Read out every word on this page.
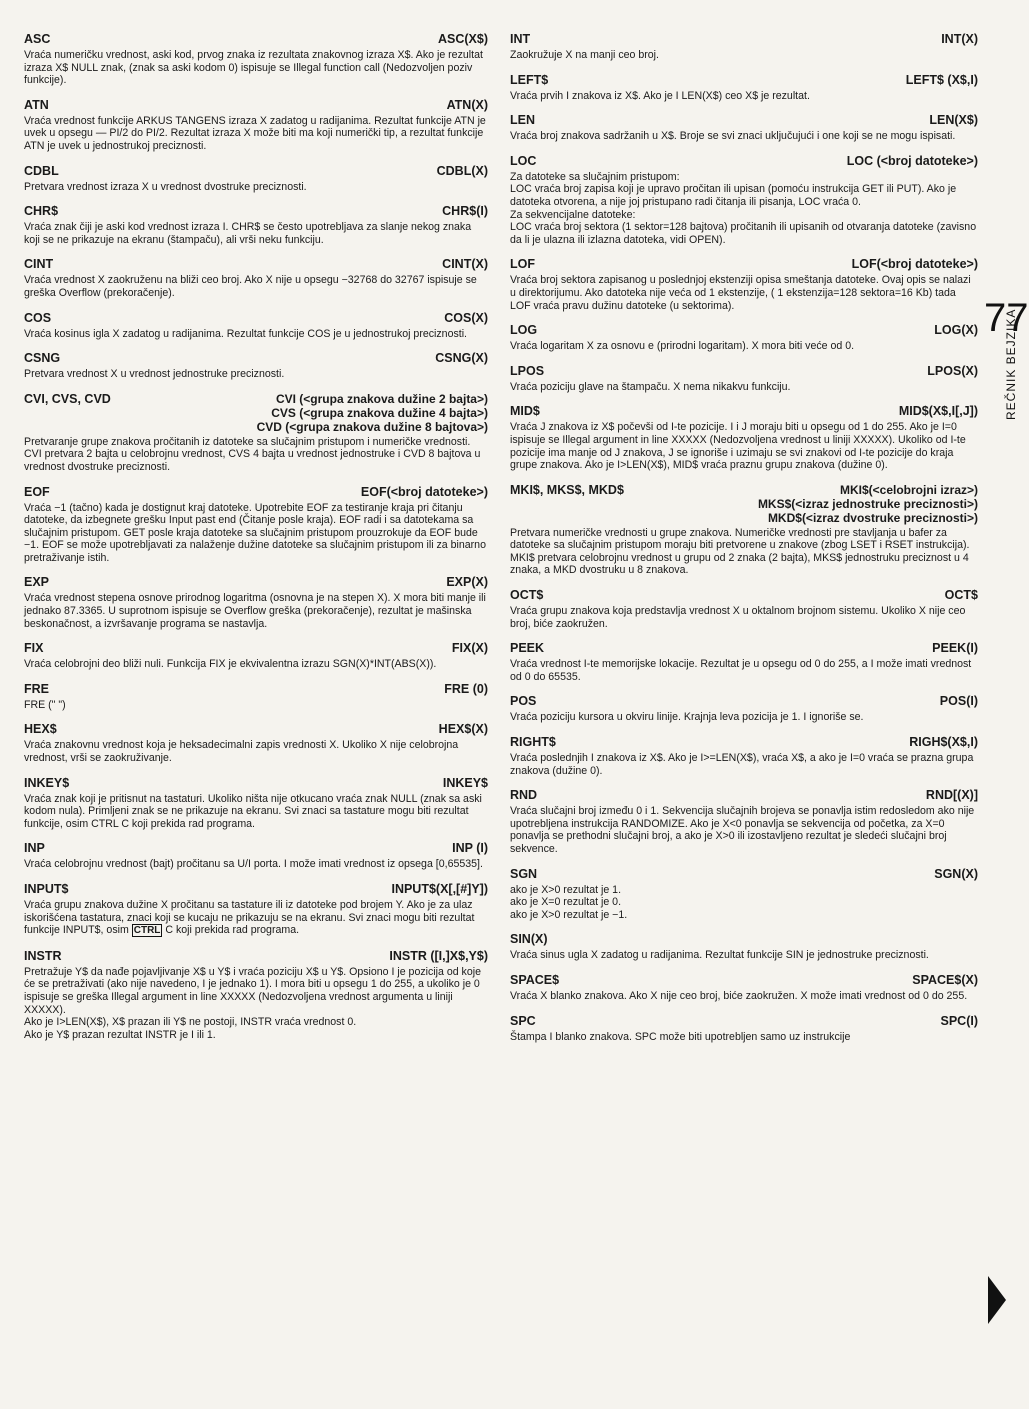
ASC	ASC(X$)

Vraća numeričku vrednost, aski kod, prvog znaka iz rezultata znakovnog izraza X$. Ako je rezultat izraza X$ NULL znak, (znak sa aski kodom 0) ispisuje se Illegal function call (Nedozvoljen poziv funkcije).

ATN	ATN(X)

Vraća vrednost funkcije ARKUS TANGENS izraza X zadatog u radijanima. Rezultat funkcije ATN je uvek u opsegu — PI/2 do PI/2. Rezultat izraza X može biti ma koji numerički tip, a rezultat funkcije ATN je uvek u jednostrukoj preciznosti.

CDBL	CDBL(X)

Pretvara vrednost izraza X u vrednost dvostruke preciznosti.

CHR$	CHR$(I)

Vraća znak čiji je aski kod vrednost izraza I. CHR$ se često upotrebljava za slanje nekog znaka koji se ne prikazuje na ekranu (štampaču), ali vrši neku funkciju.

CINT	CINT(X)

Vraća vrednost X zaokruženu na bliži ceo broj. Ako X nije u opsegu −32768 do 32767 ispisuje se greška Overflow (prekoračenje).

COS	COS(X)

Vraća kosinus igla X zadatog u radijanima. Rezultat funkcije COS je u jednostrukoj preciznosti.

CSNG	CSNG(X)

Pretvara vrednost X u vrednost jednostruke preciznosti.

CVI, CVS, CVD	CVI (<grupa znakova dužine 2 bajta>)
CVS (<grupa znakova dužine 4 bajta>)
CVD (<grupa znakova dužine 8 bajtova>)
Pretvaranje grupe znakova pročitanih iz datoteke sa slučajnim pristupom i numeričke vrednosti. CVI pretvara 2 bajta u celobrojnu vrednost, CVS 4 bajta u vrednost jednostruke i CVD 8 bajtova u vrednost dvostruke preciznosti.
EOF	EOF(<broj datoteke>)

Vraća −1 (tačno) kada je dostignut kraj datoteke. Upotrebite EOF za testiranje kraja pri čitanju datoteke, da izbegnete grešku Input past end (Čitanje posle kraja). EOF radi i sa datotekama sa slučajnim pristupom. GET posle kraja datoteke sa slučajnim pristupom prouzrokuje da EOF bude −1. EOF se može upotrebljavati za nalaženje dužine datoteke sa slučajnim pristupom ili za binarno pretraživanje istih.

EXP	EXP(X)

Vraća vrednost stepena osnove prirodnog logaritma (osnovna je na stepen X). X mora biti manje ili jednako 87.3365. U suprotnom ispisuje se Overflow greška (prekoračenje), rezultat je mašinska beskonačnost, a izvršavanje programa se nastavlja.

FIX	FIX(X)

Vraća celobrojni deo bliži nuli. Funkcija FIX je ekvivalentna izrazu SGN(X)*INT(ABS(X)).

FRE	FRE (0)

FRE (" ")

HEX$	HEX$(X)

Vraća znakovnu vrednost koja je heksadecimalni zapis vrednosti X. Ukoliko X nije celobrojna vrednost, vrši se zaokruživanje.

INKEY$	INKEY$

Vraća znak koji je pritisnut na tastaturi. Ukoliko ništa nije otkucano vraća znak NULL (znak sa aski kodom nula). Primljeni znak se ne prikazuje na ekranu. Svi znaci sa tastature mogu biti rezultat funkcije, osim CTRL C koji prekida rad programa.

INP	INP (I)

Vraća celobrojnu vrednost (bajt) pročitanu sa U/I porta. I može imati vrednost iz opsega [0,65535].

INPUT$	INPUT$(X[,[#]Y])
Vraća grupu znakova dužine X pročitanu sa tastature ili iz datoteke pod brojem Y. Ako je za ulaz iskorišćena tastatura, znaci koji se kucaju ne prikazuju se na ekranu. Svi znaci mogu biti rezultat funkcije INPUT$, osim CTRL C koji prekida rad programa.
INSTR	INSTR ([I,]X$,Y$)

Pretražuje Y$ da nađe pojavljivanje X$ u Y$ i vraća poziciju X$ u Y$. Opsiono I je pozicija od koje će se pretraživati (ako nije navedeno, I je jednako 1). I mora biti u opsegu 1 do 255, a ukoliko je 0 ispisuje se greška Illegal argument in line XXXXX (Nedozvoljena vrednost argumenta u liniji XXXXX).

Ako je I>LEN(X$), X$ prazan ili Y$ ne postoji, INSTR vraća vrednost 0.

Ako je Y$ prazan rezultat INSTR je I ili 1.

INT	INT(X)

Zaokružuje X na manji ceo broj.

LEFT$	LEFT$ (X$,I)

Vraća prvih I znakova iz X$. Ako je I LEN(X$) ceo X$ je rezultat.

LEN	LEN(X$)

Vraća broj znakova sadržanih u X$. Broje se svi znaci uključujući i one koji se ne mogu ispisati.

LOC	LOC (<broj datoteke>)

Za datoteke sa slučajnim pristupom:

LOC vraća broj zapisa koji je upravo pročitan ili upisan (pomoću instrukcija GET ili PUT). Ako je datoteka otvorena, a nije joj pristupano radi čitanja ili pisanja, LOC vraća 0.

Za sekvencijalne datoteke:

LOC vraća broj sektora (1 sektor=128 bajtova) pročitanih ili upisanih od otvaranja datoteke (zavisno da li je ulazna ili izlazna datoteka, vidi OPEN).

LOF	LOF(<broj datoteke>)

Vraća broj sektora zapisanog u poslednjoj ekstenziji opisa smeštanja datoteke. Ovaj opis se nalazi u direktorijumu. Ako datoteka nije veća od 1 ekstenzije, ( 1 ekstenzija=128 sektora=16 Kb) tada LOF vraća pravu dužinu datoteke (u sektorima).

LOG	LOG(X)

Vraća logaritam X za osnovu e (prirodni logaritam). X mora biti veće od 0.

LPOS	LPOS(X)

Vraća poziciju glave na štampaču. X nema nikakvu funkciju.

MID$	MID$(X$,I[,J])

Vraća J znakova iz X$ počevši od I-te pozicije. I i J moraju biti u opsegu od 1 do 255. Ako je I=0 ispisuje se Illegal argument in line XXXXX (Nedozvoljena vrednost u liniji XXXXX). Ukoliko od I-te pozicije ima manje od J znakova, J se ignoriše i uzimaju se svi znakovi od I-te pozicije do kraja grupe znakova. Ako je I>LEN(X$), MID$ vraća praznu grupu znakova (dužine 0).

MKI$, MKS$, MKD$	MKI$(<celobrojni izraz>)
MKS$(<izraz jednostruke preciznosti>)
MKD$(<izraz dvostruke preciznosti>)
Pretvara numeričke vrednosti u grupe znakova. Numeričke vrednosti pre stavljanja u bafer za datoteke sa slučajnim pristupom moraju biti pretvorene u znakove (zbog LSET i RSET instrukcija). MKI$ pretvara celobrojnu vrednost u grupu od 2 znaka (2 bajta), MKS$ jednostruku preciznost u 4 znaka, a MKD dvostruku u 8 znakova.
OCT$	OCT$

Vraća grupu znakova koja predstavlja vrednost X u oktalnom brojnom sistemu. Ukoliko X nije ceo broj, biće zaokružen.

PEEK	PEEK(I)

Vraća vrednost I-te memorijske lokacije. Rezultat je u opsegu od 0 do 255, a I može imati vrednost od 0 do 65535.

POS	POS(I)

Vraća poziciju kursora u okviru linije. Krajnja leva pozicija je 1. I ignoriše se.

RIGHT$	RIGH$(X$,I)

Vraća poslednjih I znakova iz X$. Ako je I>=LEN(X$), vraća X$, a ako je I=0 vraća se prazna grupa znakova (dužine 0).

RND	RND[(X)]

Vraća slučajni broj između 0 i 1. Sekvencija slučajnih brojeva se ponavlja istim redosledom ako nije upotrebljena instrukcija RANDOMIZE. Ako je X<0 ponavlja se sekvencija od početka, za X=0 ponavlja se prethodni slučajni broj, a ako je X>0 ili izostavljeno rezultat je sledeći slučajni broj sekvence.

SGN	SGN(X)

ako je X>0 rezultat je 1.

ako je X=0 rezultat je 0.

ako je X>0 rezultat je −1.

SIN(X)

Vraća sinus ugla X zadatog u radijanima. Rezultat funkcije SIN je jednostruke preciznosti.

SPACE$	SPACE$(X)

Vraća X blanko znakova. Ako X nije ceo broj, biće zaokružen. X može imati vrednost od 0 do 255.

SPC	SPC(I)

Štampa I blanko znakova. SPC može biti upotrebljen samo uz instrukcije

77
REČNIK BEJZIKA
